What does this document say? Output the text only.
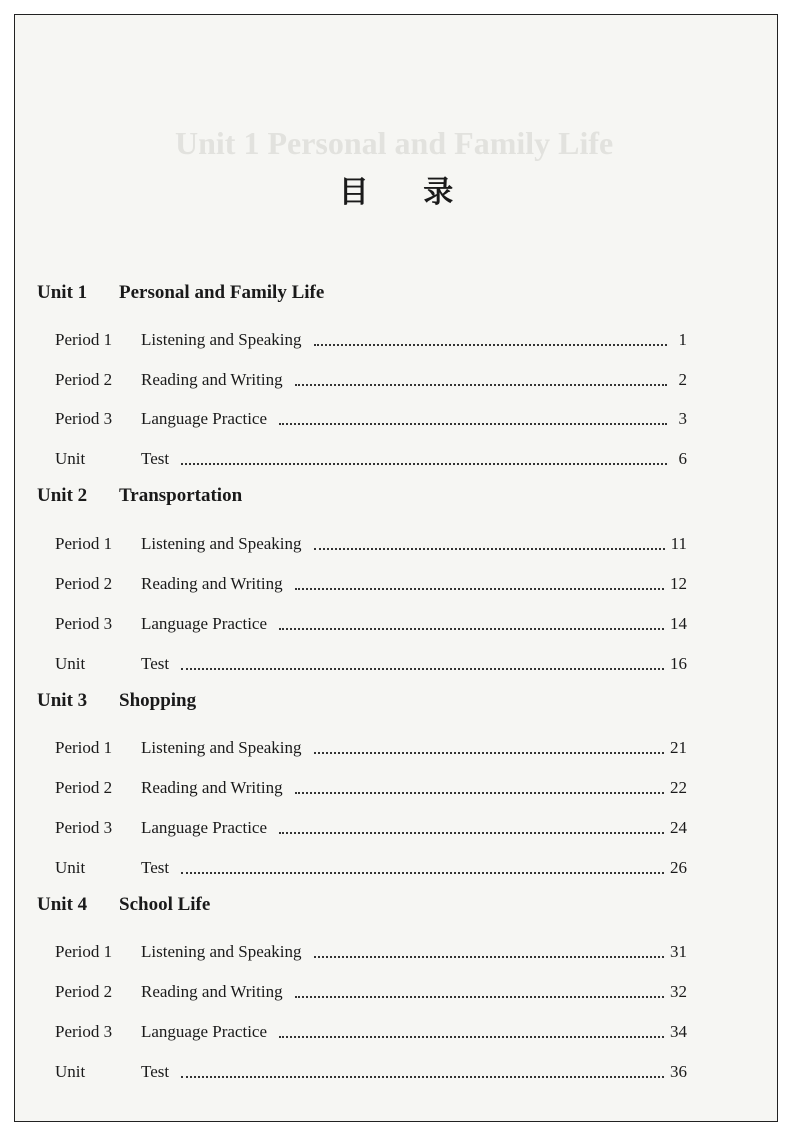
Unit 1 Personal and Family Life
目 录
Unit 1 Personal and Family Life
Period 1 Listening and Speaking	1
Period 2 Reading and Writing	2
Period 3 Language Practice	3
Unit	Test	6
Unit 2 Transportation
Period 1 Listening and Speaking	11
Period 2 Reading and Writing	12
Period 3 Language Practice	14
Unit	Test	16
Unit 3 Shopping
Period 1 Listening and Speaking	21
Period 2 Reading and Writing	22
Period 3 Language Practice	24
Unit	Test	26
Unit 4 School Life
Period 1 Listening and Speaking	31
Period 2 Reading and Writing	32
Period 3 Language Practice	34
Unit	Test	36
